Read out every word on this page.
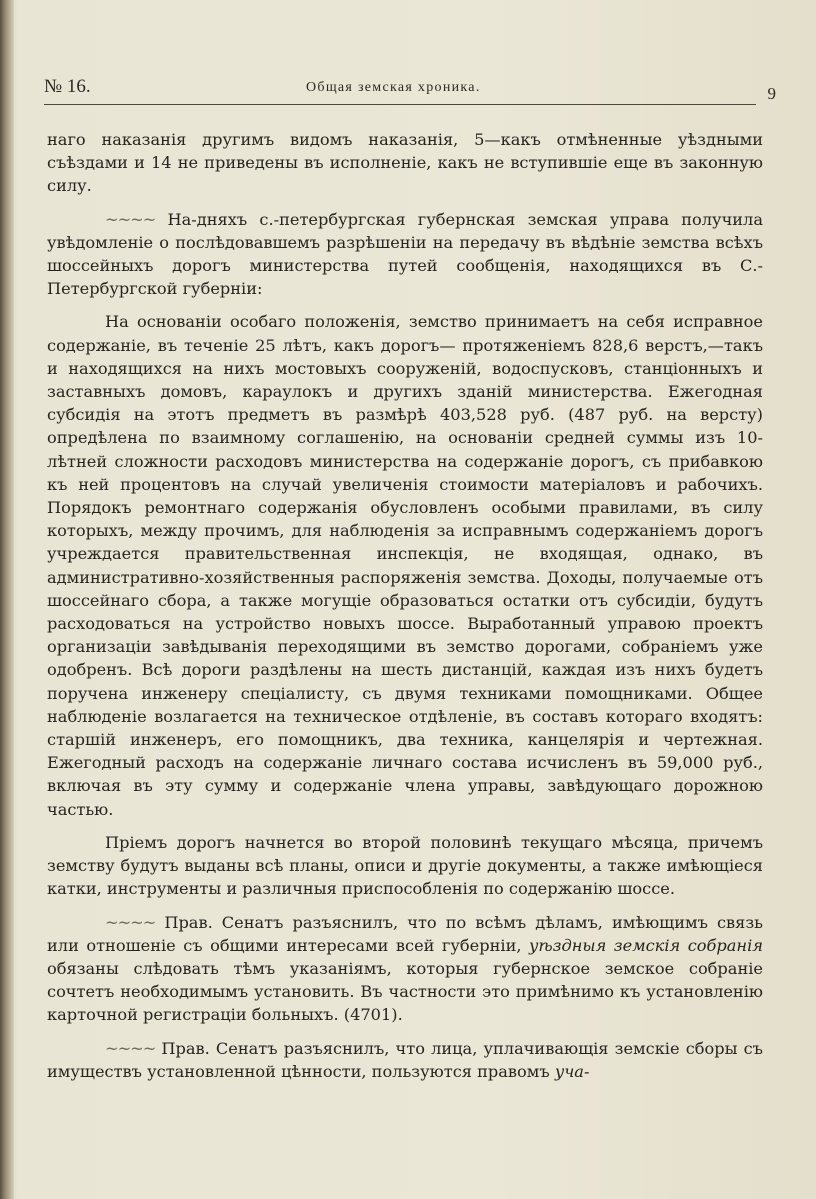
№ 16.	Общая земская хроника.	9

наго наказанія другимъ видомъ наказанія, 5—какъ отмѣненные уѣздными съѣздами и 14 не приведены въ исполненіе, какъ не вступившіе еще въ законную силу.

~~~~ На-дняхъ с.-петербургская губернская земская управа получила увѣдомленіе о послѣдовавшемъ разрѣшеніи на передачу въ вѣдѣніе земства всѣхъ шоссейныхъ дорогъ министерства путей сообщенія, находящихся въ С.-Петербургской губерніи:

На основаніи особаго положенія, земство принимаетъ на себя исправное содержаніе, въ теченіе 25 лѣтъ, какъ дорогъ— протяженіемъ 828,6 верстъ,—такъ и находящихся на нихъ мостовыхъ сооруженій, водоспусковъ, станціонныхъ и заставныхъ домовъ, караулокъ и другихъ зданій министерства. Ежегодная субсидія на этотъ предметъ въ размѣрѣ 403,528 руб. (487 руб. на версту) опредѣлена по взаимному соглашенію, на основаніи средней суммы изъ 10-лѣтней сложности расходовъ министерства на содержаніе дорогъ, съ прибавкою къ ней процентовъ на случай увеличенія стоимости матеріаловъ и рабочихъ. Порядокъ ремонтнаго содержанія обусловленъ особыми правилами, въ силу которыхъ, между прочимъ, для наблюденія за исправнымъ содержаніемъ дорогъ учреждается правительственная инспекція, не входящая, однако, въ административно-хозяйственныя распоряженія земства. Доходы, получаемые отъ шоссейнаго сбора, а также могущіе образоваться остатки отъ субсидіи, будутъ расходоваться на устройство новыхъ шоссе. Выработанный управою проектъ организаціи завѣдыванія переходящими въ земство дорогами, собраніемъ уже одобренъ. Всѣ дороги раздѣлены на шесть дистанцій, каждая изъ нихъ будетъ поручена инженеру спеціалисту, съ двумя техниками помощниками. Общее наблюденіе возлагается на техническое отдѣленіе, въ составъ котораго входятъ: старшій инженеръ, его помощникъ, два техника, канцелярія и чертежная. Ежегодный расходъ на содержаніе личнаго состава исчисленъ въ 59,000 руб., включая въ эту сумму и содержаніе члена управы, завѣдующаго дорожною частью.

Пріемъ дорогъ начнется во второй половинѣ текущаго мѣсяца, причемъ земству будутъ выданы всѣ планы, описи и другіе документы, а также имѣющіеся катки, инструменты и различныя приспособленія по содержанію шоссе.

~~~~ Прав. Сенатъ разъяснилъ, что по всѣмъ дѣламъ, имѣющимъ связь или отношеніе съ общими интересами всей губерніи, уѣздныя земскія собранія обязаны слѣдовать тѣмъ указаніямъ, которыя губернское земское собраніе сочтетъ необходимымъ установить. Въ частности это примѣнимо къ установленію карточной регистраціи больныхъ. (4701).

~~~~ Прав. Сенатъ разъяснилъ, что лица, уплачивающія земскіе сборы съ имуществъ установленной цѣнности, пользуются правомъ уча-
